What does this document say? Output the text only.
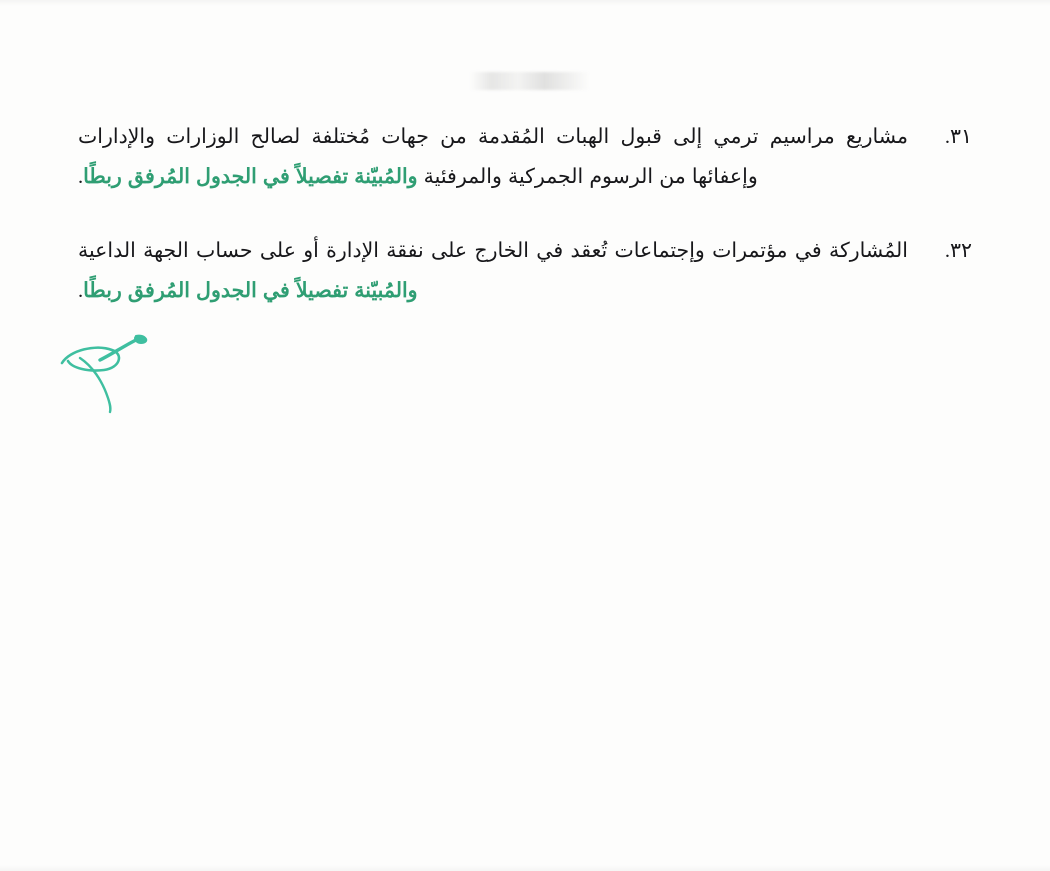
٣١.
مشاريع مراسيم ترمي إلى قبول الهبات المُقدمة من جهات مُختلفة لصالح الوزارات والإدارات وإعفائها من الرسوم الجمركية والمرفئية والمُبيّنة تفصيلاً في الجدول المُرفق ربطًا.
٣٢.
المُشاركة في مؤتمرات وإجتماعات تُعقد في الخارج على نفقة الإدارة أو على حساب الجهة الداعية والمُبيّنة تفصيلاً في الجدول المُرفق ربطًا.
